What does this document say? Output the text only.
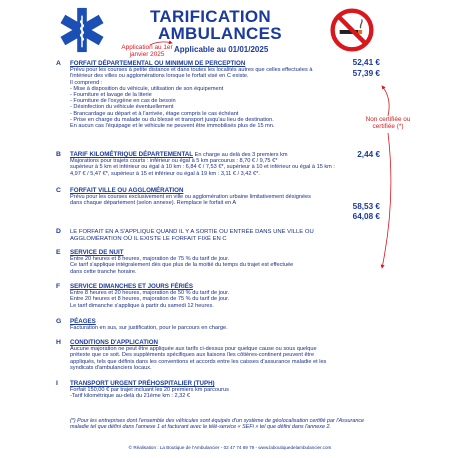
TARIFICATION
AMBULANCES
Applicable au 01/01/2025
Application au 1er janvier 2025
Non certifiée ou certifiée (*)
A FORFAIT DÉPARTEMENTAL OU MINIMUM DE PERCEPTION
Prévu pour les courses à petite distance et dans toutes les localités autres que celles effectuées à l'intérieur des villes ou agglomérations lorsque le forfait visé en C existe.
Il comprend :
- Mise à disposition du véhicule, utilisation de son équipement
- Fourniture et lavage de la literie
- Fourniture de l'oxygène en cas de besoin
- Désinfection du véhicule éventuellement
- Brancardage au départ et à l'arrivée, étage compris le cas échéant
- Prise en charge du malade ou du blessé et transport jusqu'au lieu de destination.
En aucun cas l'équipage et le véhicule ne peuvent être immobilisés plus de 15 mn.
52,41 €
57,39 €
B TARIF KILOMÉTRIQUE DÉPARTEMENTAL En charge au delà des 3 premiers km
Majorations pour trajets courts : inférieur ou égal à 5 km parcourus : 8,70 € / 9,75 €*
supérieur à 5 km et inférieur ou égal à 10 km : 6,84 € / 7,53 €*, supérieur à 10 et inférieur ou égal à 15 km :
4,97 € / 5,47 €*, supérieur à 15 et inférieur ou égal à 19 km : 3,11 € / 3,42 €*.
2,44 €
C FORFAIT VILLE OU AGGLOMÉRATION
Prévu pour les courses exclusivement en ville ou agglomération urbaine limitativement désignées
dans chaque département (selon annexe). Remplace le forfait en A	58,53 €
64,08 €
D LE FORFAIT EN A S'APPLIQUE QUAND IL Y A SORTIE OU ENTRÉE DANS UNE VILLE OU
AGGLOMÉRATION OÙ IL EXISTE LE FORFAIT FIXÉ EN C
E SERVICE DE NUIT
Entre 20 heures et 8 heures, majoration de 75 % du tarif de jour.
Ce tarif s'applique intégralement dès que plus de la moitié du temps du trajet est effectuée
dans cette tranche horaire.
F SERVICE DIMANCHES ET JOURS FÉRIÉS
Entre 8 heures et 20 heures, majoration de 50 % du tarif de jour.
Entre 20 heures et 8 heures, majoration de 75 % du tarif de jour.
Le tarif dimanche s'applique à partir du samedi 12 heures.
G PÉAGES
Facturation en sus, sur justification, pour le parcours en charge.
H CONDITIONS D'APPLICATION
Aucune majoration ne peut être appliquée aux tarifs ci-dessus pour quelque cause ou sous quelque
prétexte que ce soit. Des suppléments spécifiques aux liaisons îles côtières-continent peuvent être
appliqués, tels que définis dans les conventions et accords entre les caisses d'assurance maladie et les
syndicats d'ambulanciers locaux.
I TRANSPORT URGENT PRÉHOSPITALIER (TUPH)
Forfait 150,00 € par trajet incluant les 20 premiers km parcourus
-Tarif kilométrique au-delà du 21ème km : 2,32 €
(*) Pour les entreprises dont l'ensemble des véhicules sont équipés d'un système de géolocalisation certifié par l'Assurance maladie tel que défini dans l'annexe 1 et facturant avec le télé-service « SEFi » tel que défini dans l'annexe 2.
© Réalisation : La Boutique de l'Ambulancier - 02 47 74 69 79 - www.laboutiquedelambulancier.com
